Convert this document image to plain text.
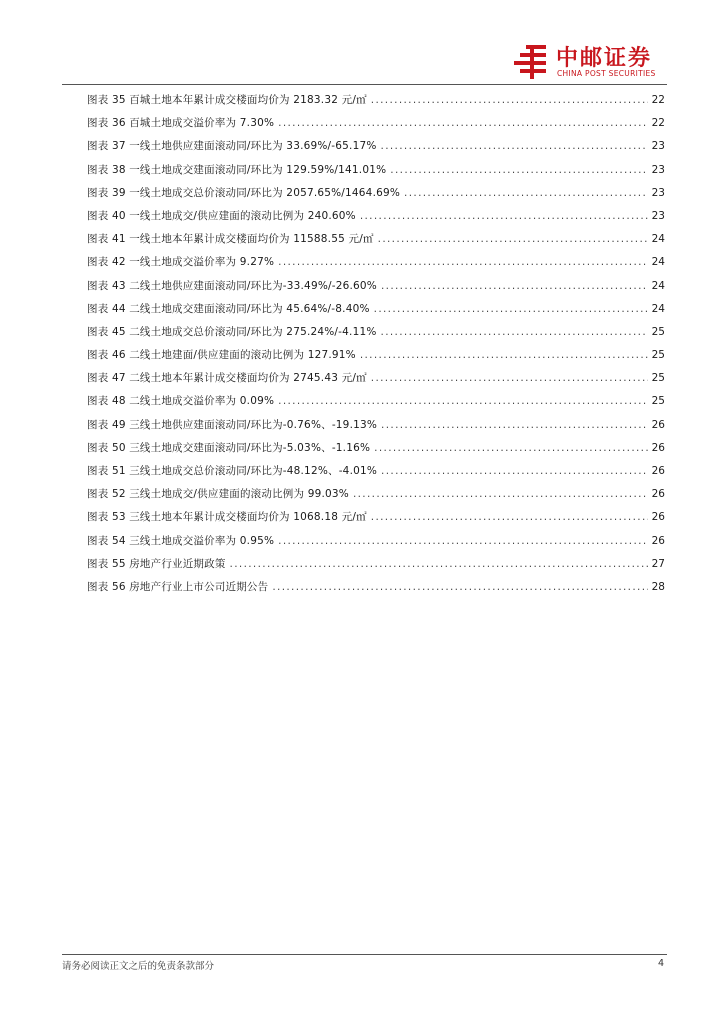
中邮证券
CHINA POST SECURITIES
图表 35 百城土地本年累计成交楼面均价为 2183.32 元/㎡ . . .	22
图表 36 百城土地成交溢价率为 7.30% . . .	22
图表 37 一线土地供应建面滚动同/环比为 33.69%/-65.17% . . .	23
图表 38 一线土地成交建面滚动同/环比为 129.59%/141.01% . . .	23
图表 39 一线土地成交总价滚动同/环比为 2057.65%/1464.69% . . .	23
图表 40 一线土地成交/供应建面的滚动比例为 240.60% . . .	23
图表 41 一线土地本年累计成交楼面均价为 11588.55 元/㎡ . . .	24
图表 42 一线土地成交溢价率为 9.27% . . .	24
图表 43 二线土地供应建面滚动同/环比为-33.49%/-26.60% . . .	24
图表 44 二线土地成交建面滚动同/环比为 45.64%/-8.40% . . .	24
图表 45 二线土地成交总价滚动同/环比为 275.24%/-4.11% . . .	25
图表 46 二线土地建面/供应建面的滚动比例为 127.91% . . .	25
图表 47 二线土地本年累计成交楼面均价为 2745.43 元/㎡ . . .	25
图表 48 二线土地成交溢价率为 0.09% . . .	25
图表 49 三线土地供应建面滚动同/环比为-0.76%、-19.13% . . .	26
图表 50 三线土地成交建面滚动同/环比为-5.03%、-1.16% . . .	26
图表 51 三线土地成交总价滚动同/环比为-48.12%、-4.01% . . .	26
图表 52 三线土地成交/供应建面的滚动比例为 99.03% . . .	26
图表 53 三线土地本年累计成交楼面均价为 1068.18 元/㎡ . . .	26
图表 54 三线土地成交溢价率为 0.95% . . .	26
图表 55 房地产行业近期政策 . . .	27
图表 56 房地产行业上市公司近期公告 . . .	28
请务必阅读正文之后的免责条款部分	4
